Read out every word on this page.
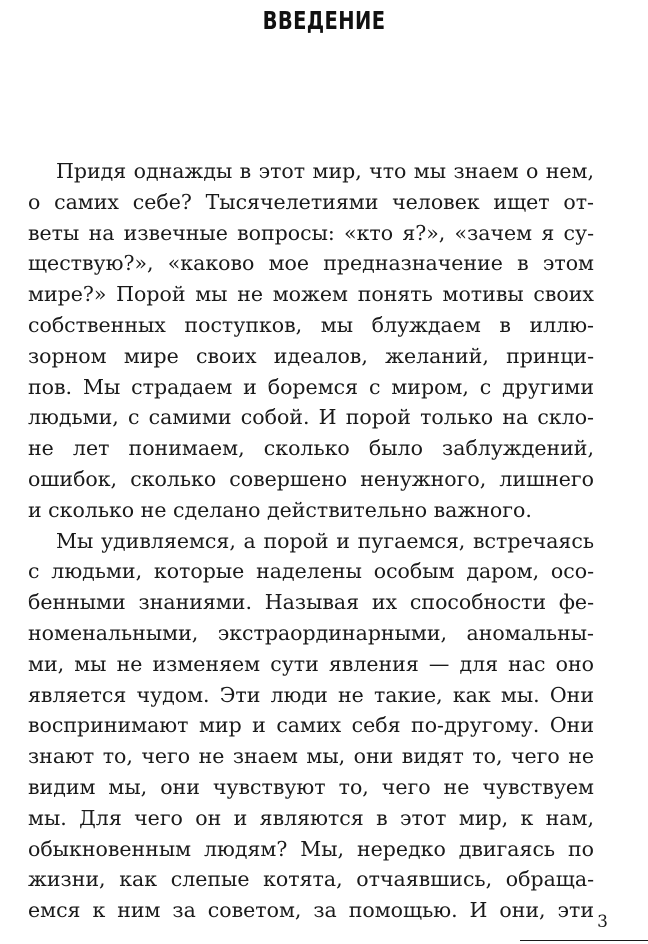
ВВЕДЕНИЕ
Придя однажды в этот мир, что мы знаем о нем,
о самих себе? Тысячелетиями человек ищет от-
веты на извечные вопросы: «кто я?», «зачем я су-
ществую?», «каково мое предназначение в этом
мире?» Порой мы не можем понять мотивы своих
собственных поступков, мы блуждаем в иллю-
зорном мире своих идеалов, желаний, принци-
пов. Мы страдаем и боремся с миром, с другими
людьми, с самими собой. И порой только на скло-
не лет понимаем, сколько было заблуждений,
ошибок, сколько совершено ненужного, лишнего
и сколько не сделано действительно важного.
Мы удивляемся, а порой и пугаемся, встречаясь
с людьми, которые наделены особым даром, осо-
бенными знаниями. Называя их способности фе-
номенальными, экстраординарными, аномальны-
ми, мы не изменяем сути явления — для нас оно
является чудом. Эти люди не такие, как мы. Они
воспринимают мир и самих себя по-другому. Они
знают то, чего не знаем мы, они видят то, чего не
видим мы, они чувствуют то, чего не чувствуем
мы. Для чего он и являются в этот мир, к нам,
обыкновенным людям? Мы, нередко двигаясь по
жизни, как слепые котята, отчаявшись, обраща-
емся к ним за советом, за помощью. И они, эти 3
